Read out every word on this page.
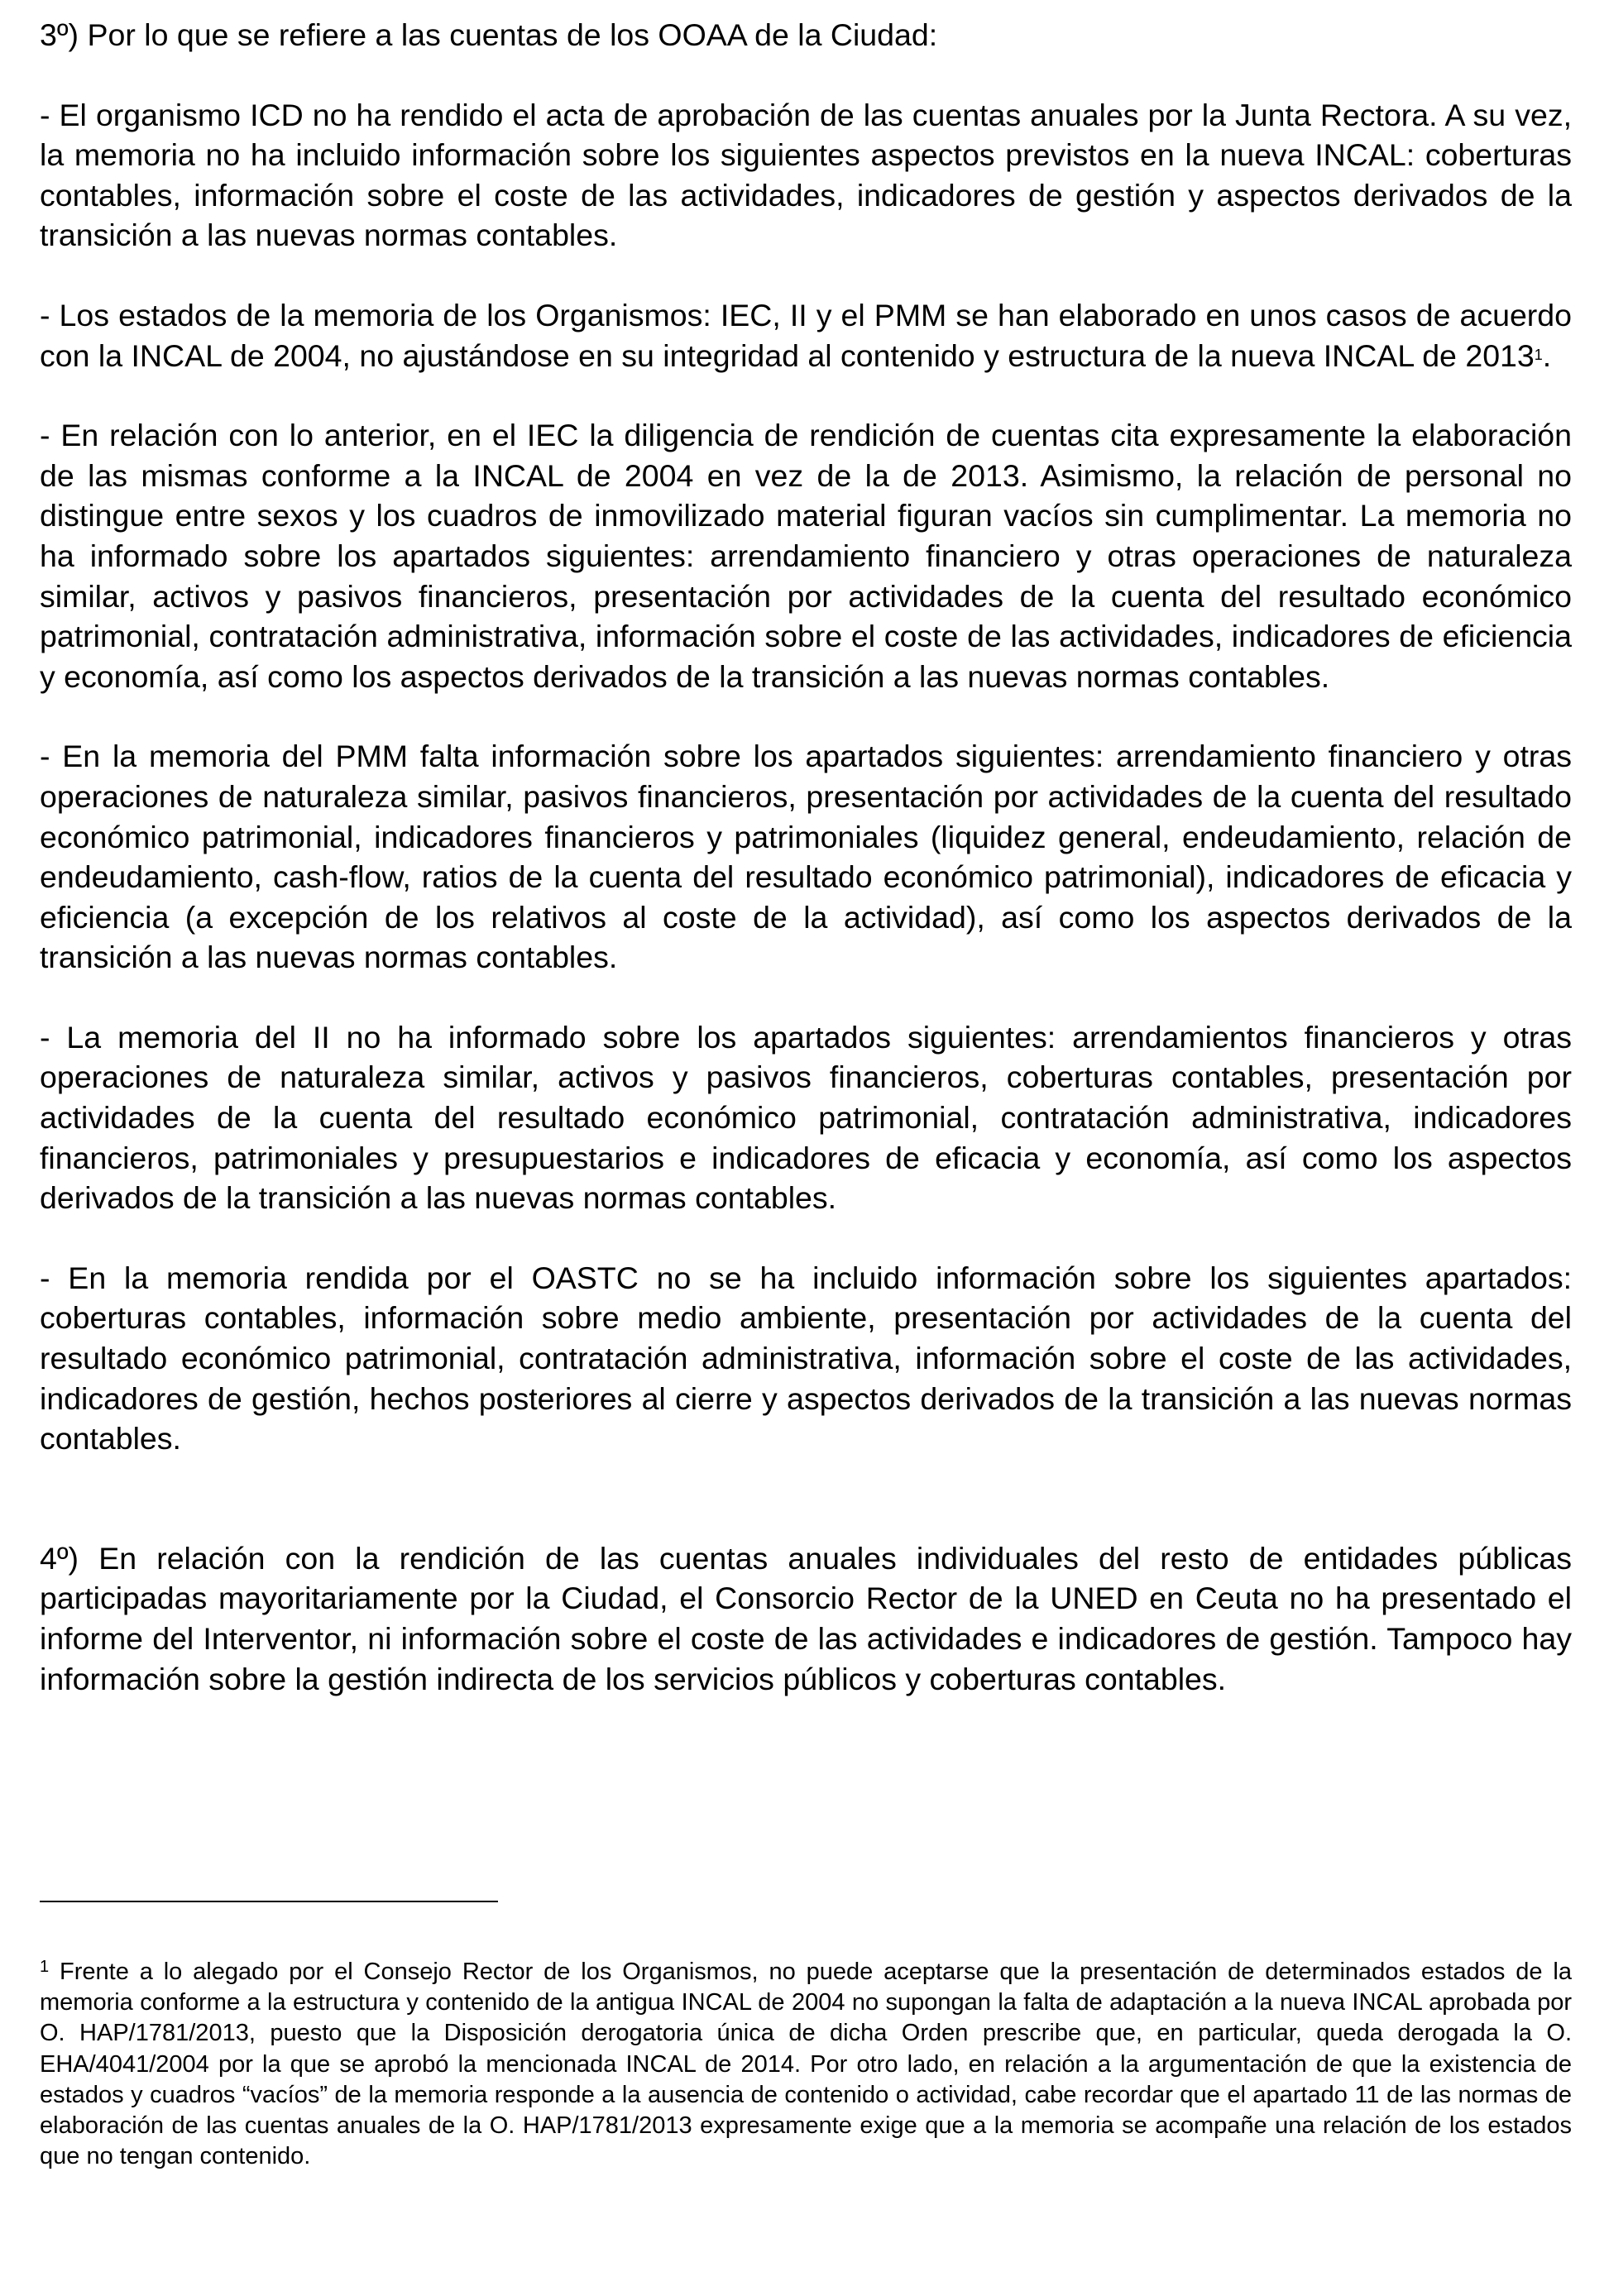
3º) Por lo que se refiere a las cuentas de los OOAA de la Ciudad:

- El organismo ICD no ha rendido el acta de aprobación de las cuentas anuales por la Junta Rectora. A su vez, la memoria no ha incluido información sobre los siguientes aspectos previstos en la nueva INCAL: coberturas contables, información sobre el coste de las actividades, indicadores de gestión y aspectos derivados de la transición a las nuevas normas contables.

- Los estados de la memoria de los Organismos: IEC, II y el PMM se han elaborado en unos casos de acuerdo con la INCAL de 2004, no ajustándose en su integridad al contenido y estructura de la nueva INCAL de 2013$^1$.

- En relación con lo anterior, en el IEC la diligencia de rendición de cuentas cita expresamente la elaboración de las mismas conforme a la INCAL de 2004 en vez de la de 2013. Asimismo, la relación de personal no distingue entre sexos y los cuadros de inmovilizado material figuran vacíos sin cumplimentar. La memoria no ha informado sobre los apartados siguientes: arrendamiento financiero y otras operaciones de naturaleza similar, activos y pasivos financieros, presentación por actividades de la cuenta del resultado económico patrimonial, contratación administrativa, información sobre el coste de las actividades, indicadores de eficiencia y economía, así como los aspectos derivados de la transición a las nuevas normas contables.

- En la memoria del PMM falta información sobre los apartados siguientes: arrendamiento financiero y otras operaciones de naturaleza similar, pasivos financieros, presentación por actividades de la cuenta del resultado económico patrimonial, indicadores financieros y patrimoniales (liquidez general, endeudamiento, relación de endeudamiento, cash-flow, ratios de la cuenta del resultado económico patrimonial), indicadores de eficacia y eficiencia (a excepción de los relativos al coste de la actividad), así como los aspectos derivados de la transición a las nuevas normas contables.

- La memoria del II no ha informado sobre los apartados siguientes: arrendamientos financieros y otras operaciones de naturaleza similar, activos y pasivos financieros, coberturas contables, presentación por actividades de la cuenta del resultado económico patrimonial, contratación administrativa, indicadores financieros, patrimoniales y presupuestarios e indicadores de eficacia y economía, así como los aspectos derivados de la transición a las nuevas normas contables.

- En la memoria rendida por el OASTC no se ha incluido información sobre los siguientes apartados: coberturas contables, información sobre medio ambiente, presentación por actividades de la cuenta del resultado económico patrimonial, contratación administrativa, información sobre el coste de las actividades, indicadores de gestión, hechos posteriores al cierre y aspectos derivados de la transición a las nuevas normas contables.

4º) En relación con la rendición de las cuentas anuales individuales del resto de entidades públicas participadas mayoritariamente por la Ciudad, el Consorcio Rector de la UNED en Ceuta no ha presentado el informe del Interventor, ni información sobre el coste de las actividades e indicadores de gestión. Tampoco hay información sobre la gestión indirecta de los servicios públicos y coberturas contables.

$^1$ Frente a lo alegado por el Consejo Rector de los Organismos, no puede aceptarse que la presentación de determinados estados de la memoria conforme a la estructura y contenido de la antigua INCAL de 2004 no supongan la falta de adaptación a la nueva INCAL aprobada por O. HAP/1781/2013, puesto que la Disposición derogatoria única de dicha Orden prescribe que, en particular, queda derogada la O. EHA/4041/2004 por la que se aprobó la mencionada INCAL de 2014. Por otro lado, en relación a la argumentación de que la existencia de estados y cuadros “vacíos” de la memoria responde a la ausencia de contenido o actividad, cabe recordar que el apartado 11 de las normas de elaboración de las cuentas anuales de la O. HAP/1781/2013 expresamente exige que a la memoria se acompañe una relación de los estados que no tengan contenido.
